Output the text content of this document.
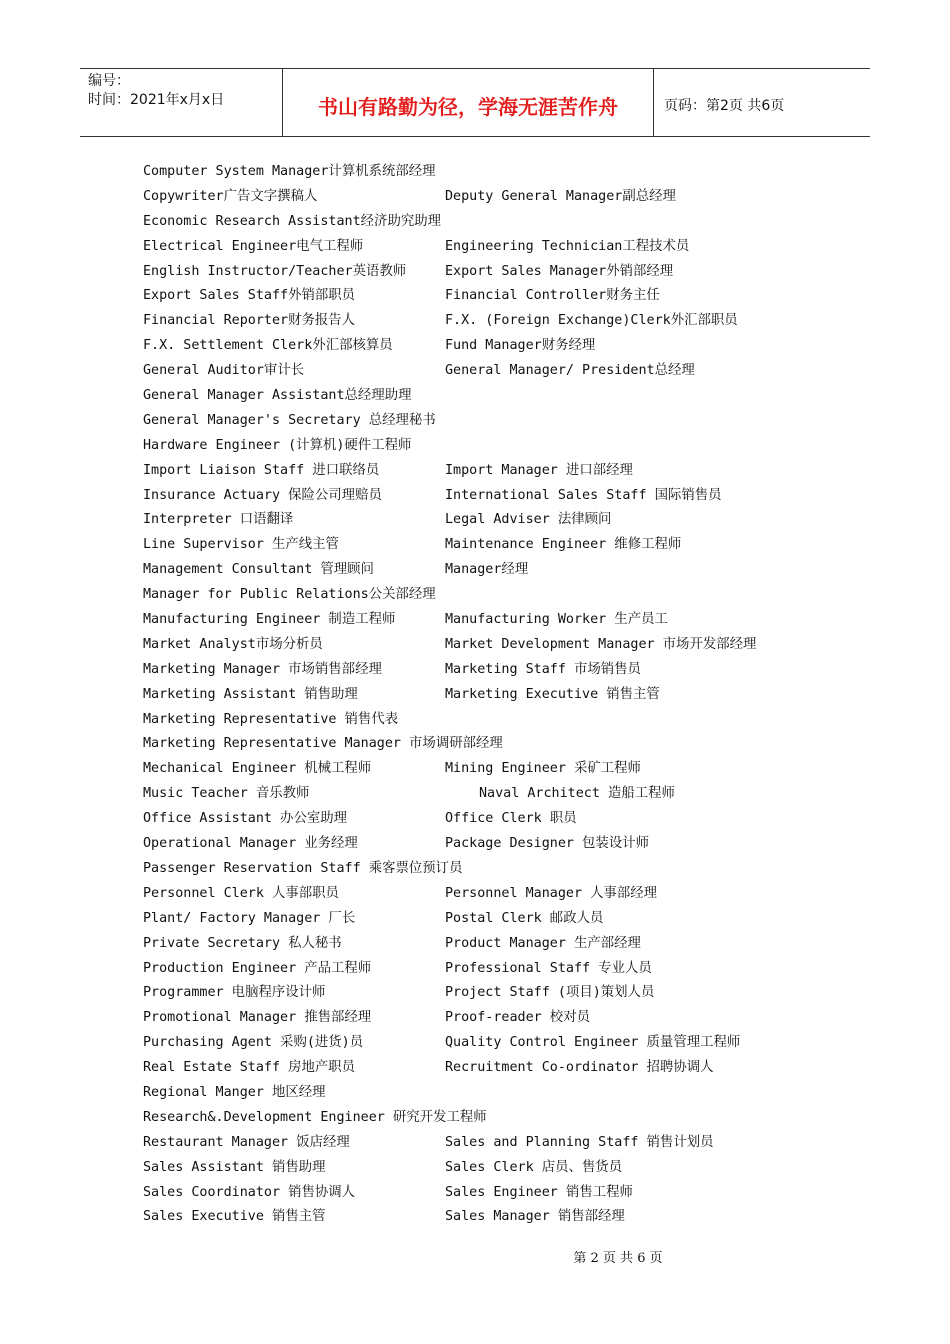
编号：
时间：2021年x月x日	书山有路勤为径，学海无涯苦作舟	页码：第2页 共6页
Computer System Manager计算机系统部经理
Copywriter广告文字撰稿人	Deputy General Manager副总经理
Economic Research Assistant经济助究助理
Electrical Engineer电气工程师	Engineering Technician工程技术员
English Instructor/Teacher英语教师	Export Sales Manager外销部经理
Export Sales Staff外销部职员	Financial Controller财务主任
Financial Reporter财务报告人	F.X. (Foreign Exchange)Clerk外汇部职员
F.X. Settlement Clerk外汇部核算员	Fund Manager财务经理
General Auditor审计长	General Manager/ President总经理
General Manager Assistant总经理助理
General Manager's Secretary 总经理秘书
Hardware Engineer (计算机)硬件工程师
Import Liaison Staff 进口联络员	Import Manager 进口部经理
Insurance Actuary 保险公司理赔员	International Sales Staff 国际销售员
Interpreter 口语翻译	Legal Adviser 法律顾问
Line Supervisor 生产线主管	Maintenance Engineer 维修工程师
Management Consultant 管理顾问	Manager经理
Manager for Public Relations公关部经理
Manufacturing Engineer 制造工程师	Manufacturing Worker 生产员工
Market Analyst市场分析员	Market Development Manager 市场开发部经理
Marketing Manager 市场销售部经理	Marketing Staff 市场销售员
Marketing Assistant 销售助理	Marketing Executive 销售主管
Marketing Representative 销售代表
Marketing Representative Manager 市场调研部经理
Mechanical Engineer 机械工程师	Mining Engineer 采矿工程师
Music Teacher 音乐教师	Naval Architect 造船工程师
Office Assistant 办公室助理	Office Clerk 职员
Operational Manager 业务经理	Package Designer 包装设计师
Passenger Reservation Staff 乘客票位预订员
Personnel Clerk 人事部职员	Personnel Manager 人事部经理
Plant/ Factory Manager 厂长	Postal Clerk 邮政人员
Private Secretary 私人秘书	Product Manager 生产部经理
Production Engineer 产品工程师	Professional Staff 专业人员
Programmer 电脑程序设计师	Project Staff (项目)策划人员
Promotional Manager 推售部经理	Proof-reader 校对员
Purchasing Agent 采购(进货)员	Quality Control Engineer 质量管理工程师
Real Estate Staff 房地产职员	Recruitment Co-ordinator 招聘协调人
Regional Manger 地区经理
Research&.Development Engineer 研究开发工程师
Restaurant Manager 饭店经理	Sales and Planning Staff 销售计划员
Sales Assistant 销售助理	Sales Clerk 店员、售货员
Sales Coordinator 销售协调人	Sales Engineer 销售工程师
Sales Executive 销售主管	Sales Manager 销售部经理
第 2 页 共 6 页
